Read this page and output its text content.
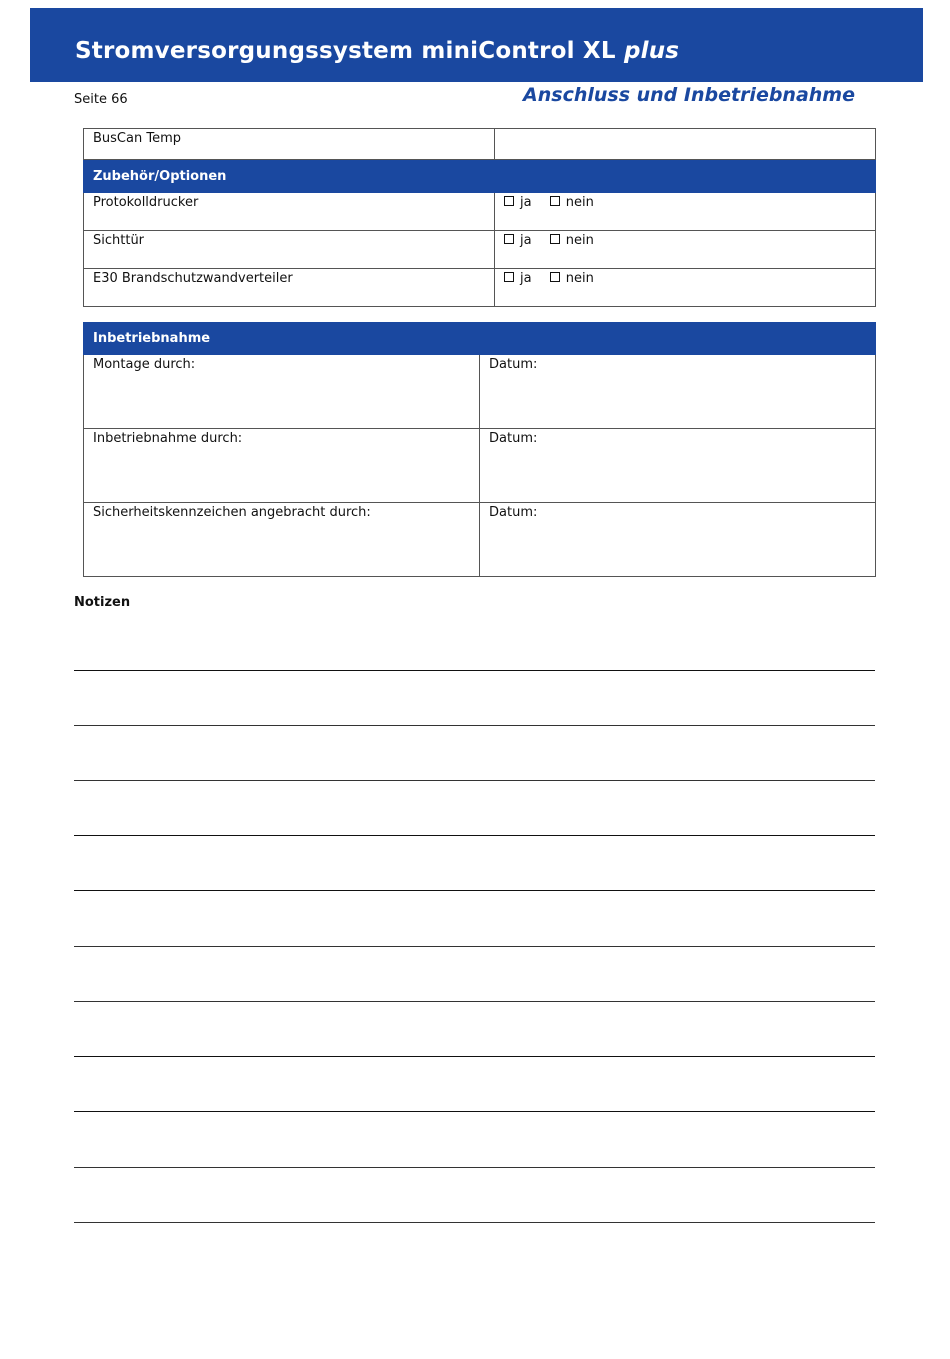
Stromversorgungssystem miniControl XL plus
Seite 66	Anschluss und Inbetriebnahme
BusCan Temp	
Zubehör/Optionen	
Protokolldrucker	ja nein
Sichttür	ja nein
E30 Brandschutzwandverteiler	ja nein
Inbetriebnahme	
Montage durch:	Datum:
Inbetriebnahme durch:	Datum:
Sicherheitskennzeichen angebracht durch:	Datum:
Notizen
